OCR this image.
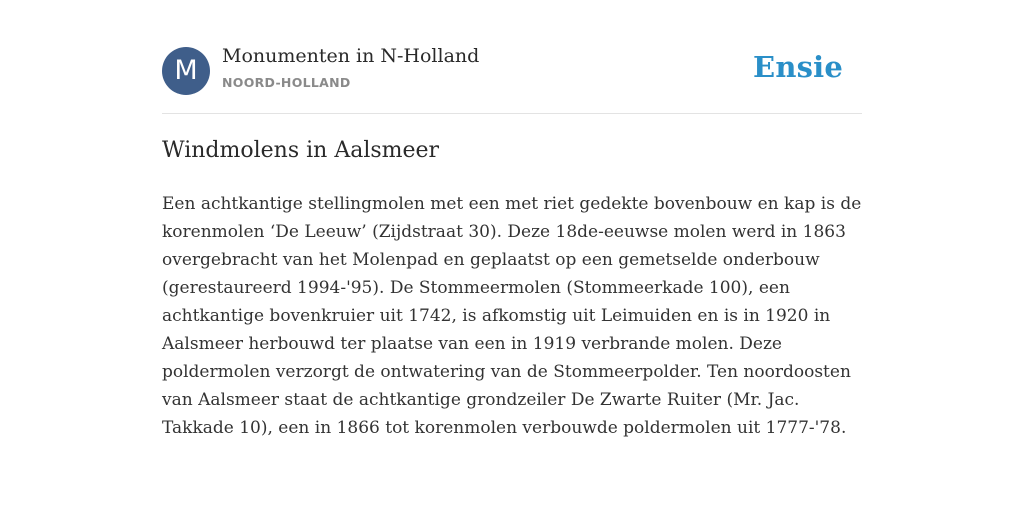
M	Monumenten in N-Holland
NOORD-HOLLAND	Ensie
Windmolens in Aalsmeer

Een achtkantige stellingmolen met een met riet gedekte bovenbouw en kap is de korenmolen ‘De Leeuw’ (Zijdstraat 30). Deze 18de-eeuwse molen werd in 1863 overgebracht van het Molenpad en geplaatst op een gemetselde onderbouw (gerestaureerd 1994-'95). De Stommeermolen (Stommeerkade 100), een achtkantige bovenkruier uit 1742, is afkomstig uit Leimuiden en is in 1920 in Aalsmeer herbouwd ter plaatse van een in 1919 verbrande molen. Deze poldermolen verzorgt de ontwatering van de Stommeerpolder. Ten noordoosten van Aalsmeer staat de achtkantige grondzeiler De Zwarte Ruiter (Mr. Jac. Takkade 10), een in 1866 tot korenmolen verbouwde poldermolen uit 1777-'78.
